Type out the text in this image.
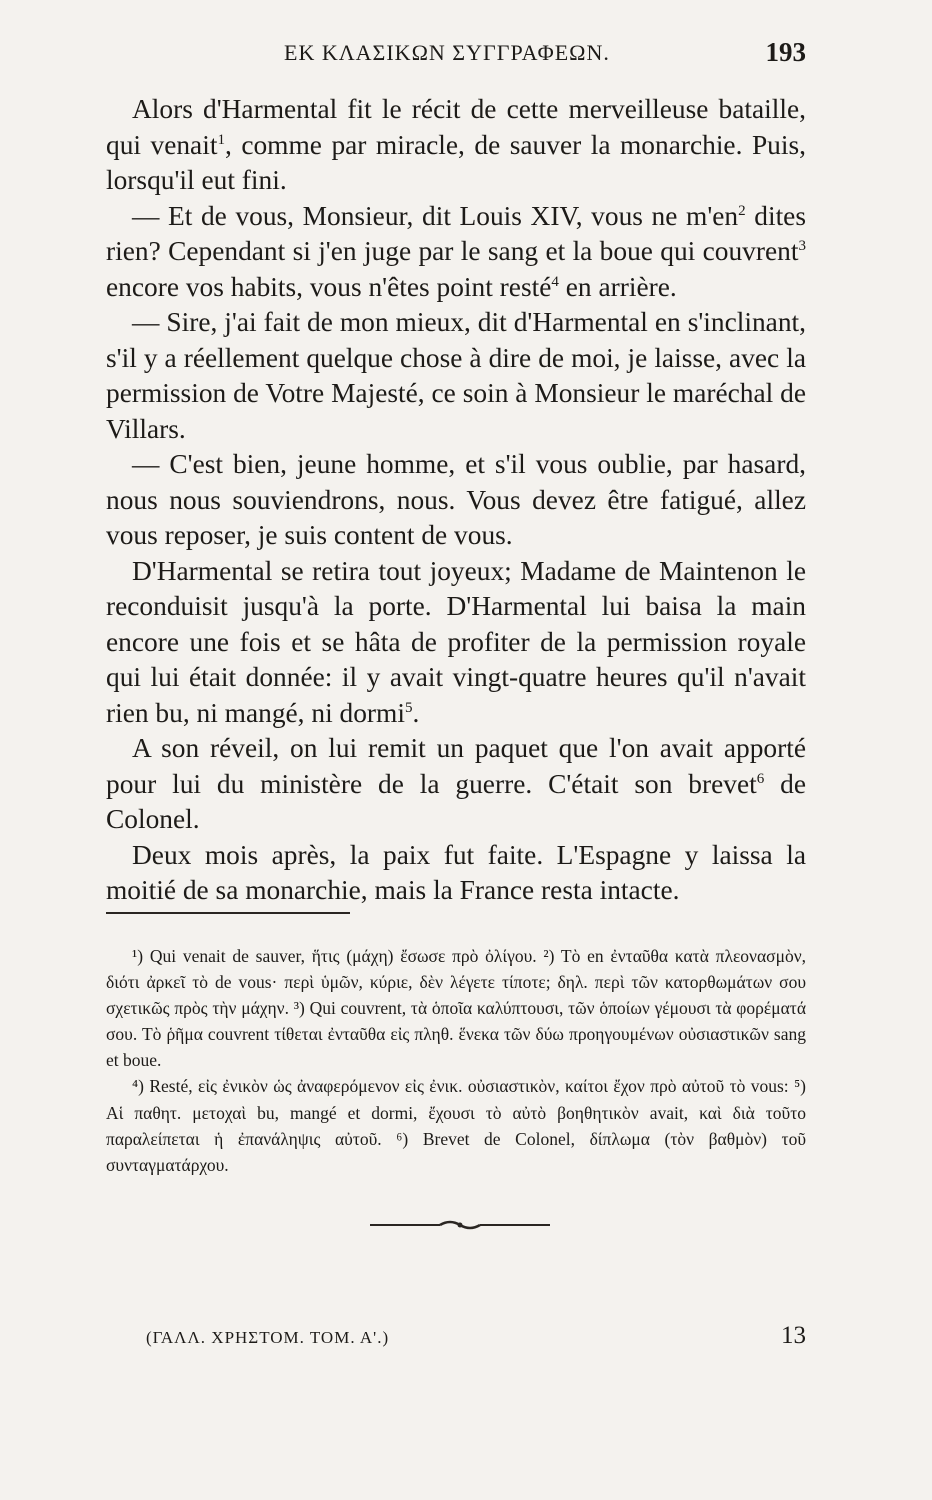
ΕΚ ΚΛΑΣΙΚΩΝ ΣΥΓΓΡΑΦΕΩΝ.	193

Alors d'Harmental fit le récit de cette merveilleuse bataille, qui venait$^1$, comme par miracle, de sauver la monarchie. Puis, lorsqu'il eut fini.

— Et de vous, Monsieur, dit Louis XIV, vous ne $m'en^2$ dites rien? Cependant si j'en juge par le sang et la boue qui couvrent$^3$ encore vos habits, vous n'êtes point resté$^4$ en arrière.

— Sire, j'ai fait de mon mieux, dit d'Harmental en s'inclinant, s'il y a réellement quelque chose à dire de moi, je laisse, avec la permission de Votre Majesté, ce soin à Monsieur le maréchal de Villars.

— C'est bien, jeune homme, et s'il vous oublie, par hasard, nous nous souviendrons, nous. Vous devez être fatigué, allez vous reposer, je suis content de vous.

D'Harmental se retira tout joyeux; Madame de Maintenon le reconduisit jusqu'à la porte. D'Harmental lui baisa la main encore une fois et se hâta de profiter de la permission royale qui lui était donnée: il y avait vingt-quatre heures qu'il n'avait rien bu, ni mangé, ni dormi$^5$.

A son réveil, on lui remit un paquet que l'on avait apporté pour lui du ministère de la guerre. C'était son brevet$^6$ de Colonel.

Deux mois après, la paix fut faite. L'Espagne y laissa la moitié de sa monarchie, mais la France resta intacte.

¹) Qui venait de sauver, ἥτις (μάχη) ἔσωσε πρὸ ὀλίγου. ²) Τὸ en ἐνταῦθα κατὰ πλεονασμὸν, διότι ἀρκεῖ τὸ de vous· περὶ ὑμῶν, κύριε, δὲν λέγετε τίποτε; δηλ. περὶ τῶν κατορθωμάτων σου σχετικῶς πρὸς τὴν μάχην. ³) Qui couvrent, τὰ ὁποῖα καλύπτουσι, τῶν ὁποίων γέμουσι τὰ φορέματά σου. Τὸ ῥῆμα couvrent τίθεται ἐνταῦθα εἰς πληθ. ἕνεκα τῶν δύω προηγουμένων οὐσιαστικῶν sang et boue.

⁴) Resté, εἰς ἐνικὸν ὡς ἀναφερόμενον εἰς ἐνικ. οὐσιαστικὸν, καίτοι ἔχον πρὸ αὐτοῦ τὸ vous: ⁵) Αἱ παθητ. μετοχαὶ bu, mangé et dormi, ἔχουσι τὸ αὐτὸ βοηθητικὸν avait, καὶ διὰ τοῦτο παραλείπεται ἡ ἐπανάληψις αὐτοῦ. ⁶) Brevet de Colonel, δίπλωμα (τὸν βαθμὸν) τοῦ συνταγματάρχου.

(ΓΑΛΛ. ΧΡΗΣΤΟΜ. ΤΟΜ. Α'.)	13
